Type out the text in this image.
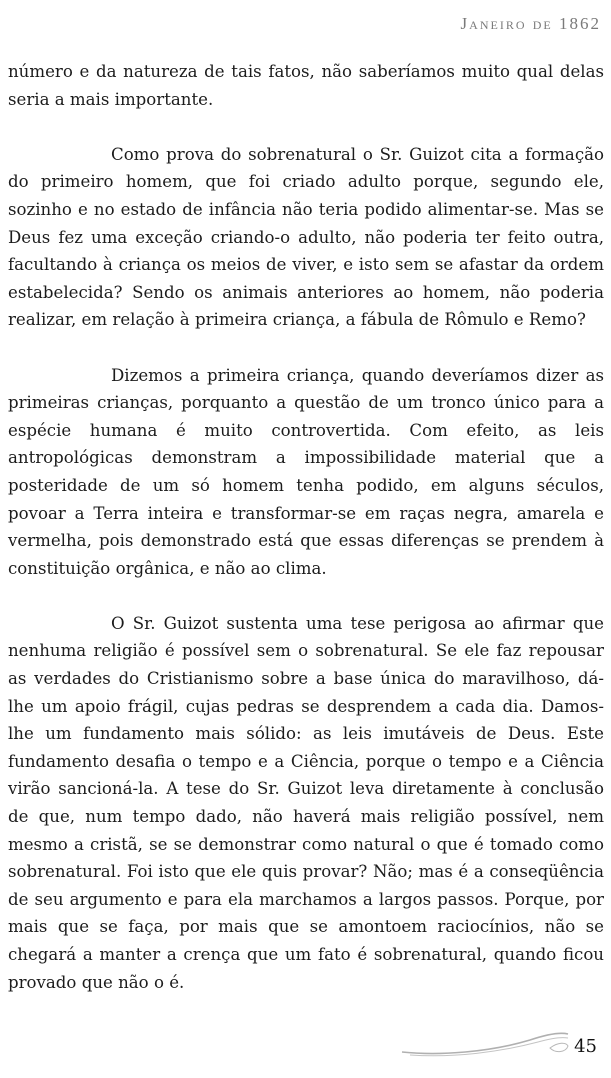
Janeiro de 1862

número e da natureza de tais fatos, não saberíamos muito qual delas seria a mais importante.

Como prova do sobrenatural o Sr. Guizot cita a formação do primeiro homem, que foi criado adulto porque, segundo ele, sozinho e no estado de infância não teria podido alimentar-se. Mas se Deus fez uma exceção criando-o adulto, não poderia ter feito outra, facultando à criança os meios de viver, e isto sem se afastar da ordem estabelecida? Sendo os animais anteriores ao homem, não poderia realizar, em relação à primeira criança, a fábula de Rômulo e Remo?

Dizemos a primeira criança, quando deveríamos dizer as primeiras crianças, porquanto a questão de um tronco único para a espécie humana é muito controvertida. Com efeito, as leis antropológicas demonstram a impossibilidade material que a posteridade de um só homem tenha podido, em alguns séculos, povoar a Terra inteira e transformar-se em raças negra, amarela e vermelha, pois demonstrado está que essas diferenças se prendem à constituição orgânica, e não ao clima.

O Sr. Guizot sustenta uma tese perigosa ao afirmar que nenhuma religião é possível sem o sobrenatural. Se ele faz repousar as verdades do Cristianismo sobre a base única do maravilhoso, dá-lhe um apoio frágil, cujas pedras se desprendem a cada dia. Damos-lhe um fundamento mais sólido: as leis imutáveis de Deus. Este fundamento desafia o tempo e a Ciência, porque o tempo e a Ciência virão sancioná-la. A tese do Sr. Guizot leva diretamente à conclusão de que, num tempo dado, não haverá mais religião possível, nem mesmo a cristã, se se demonstrar como natural o que é tomado como sobrenatural. Foi isto que ele quis provar? Não; mas é a conseqüência de seu argumento e para ela marchamos a largos passos. Porque, por mais que se faça, por mais que se amontoem raciocínios, não se chegará a manter a crença que um fato é sobrenatural, quando ficou provado que não o é.

45
